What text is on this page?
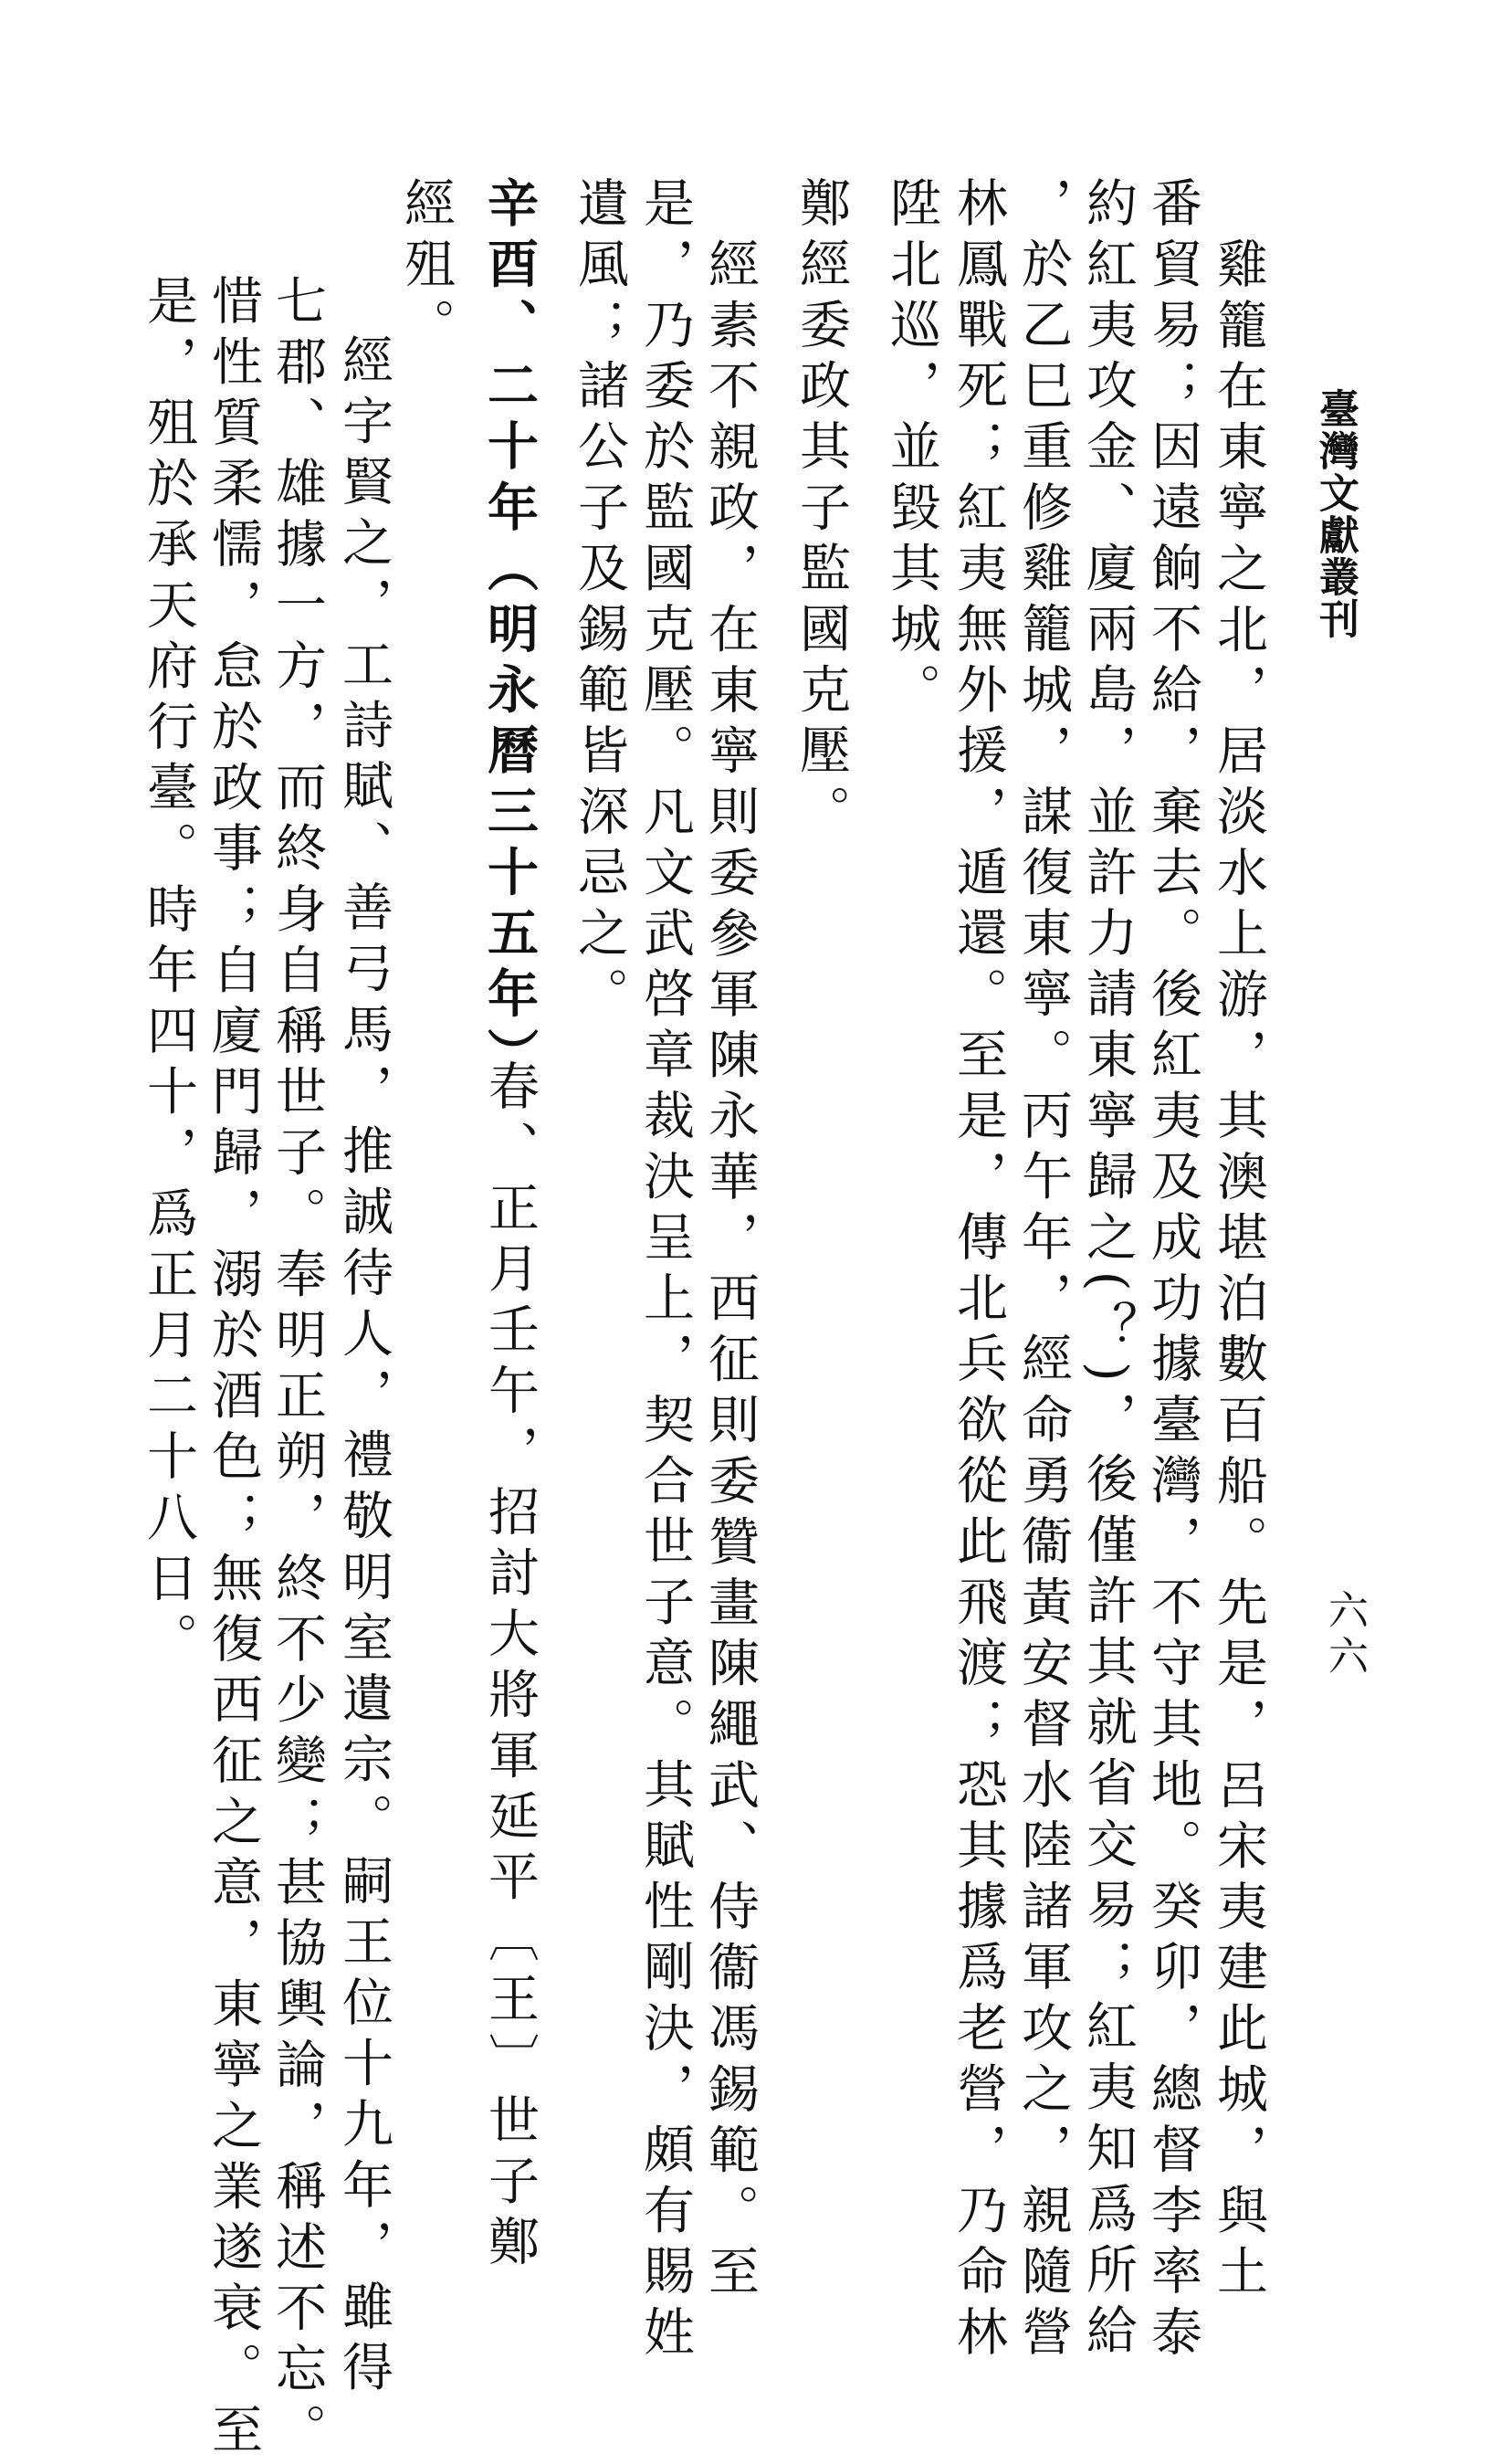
臺灣文獻叢刊
六六
雞籠在東寧之北，居淡水上游，其澳堪泊數百船。先是，呂宋夷建此城，與土
番貿易；因遠餉不給，棄去。後紅夷及成功據臺灣，不守其地。癸卯，總督李率泰
約紅夷攻金、廈兩島，並許力請東寧歸之(？)，後僅許其就省交易；紅夷知爲所給
，於乙巳重修雞籠城，謀復東寧。丙午年，經命勇衞黃安督水陸諸軍攻之，親隨營
林鳳戰死；紅夷無外援，遁還。至是，傳北兵欲從此飛渡；恐其據爲老營，乃命林
陞北巡，並毀其城。
鄭經委政其子監國克壓。
經素不親政，在東寧則委參軍陳永華，西征則委贊畫陳繩武、侍衞馮錫範。至
是，乃委於監國克壓。凡文武啓章裁決呈上，契合世子意。其賦性剛決，頗有賜姓
遺風；諸公子及錫範皆深忌之。
辛酉、二十年（明永曆三十五年）
春、正月壬午，招討大將軍延平〔王〕世子鄭
經殂。
經字賢之，工詩賦、善弓馬，推誠待人，禮敬明室遺宗。嗣王位十九年，雖得
七郡、雄據一方，而終身自稱世子。奉明正朔，終不少變；甚協輿論，稱述不忘。
惜性質柔懦，怠於政事；自廈門歸，溺於酒色；無復西征之意，東寧之業遂衰。至
是，殂於承天府行臺。時年四十，爲正月二十八日。
